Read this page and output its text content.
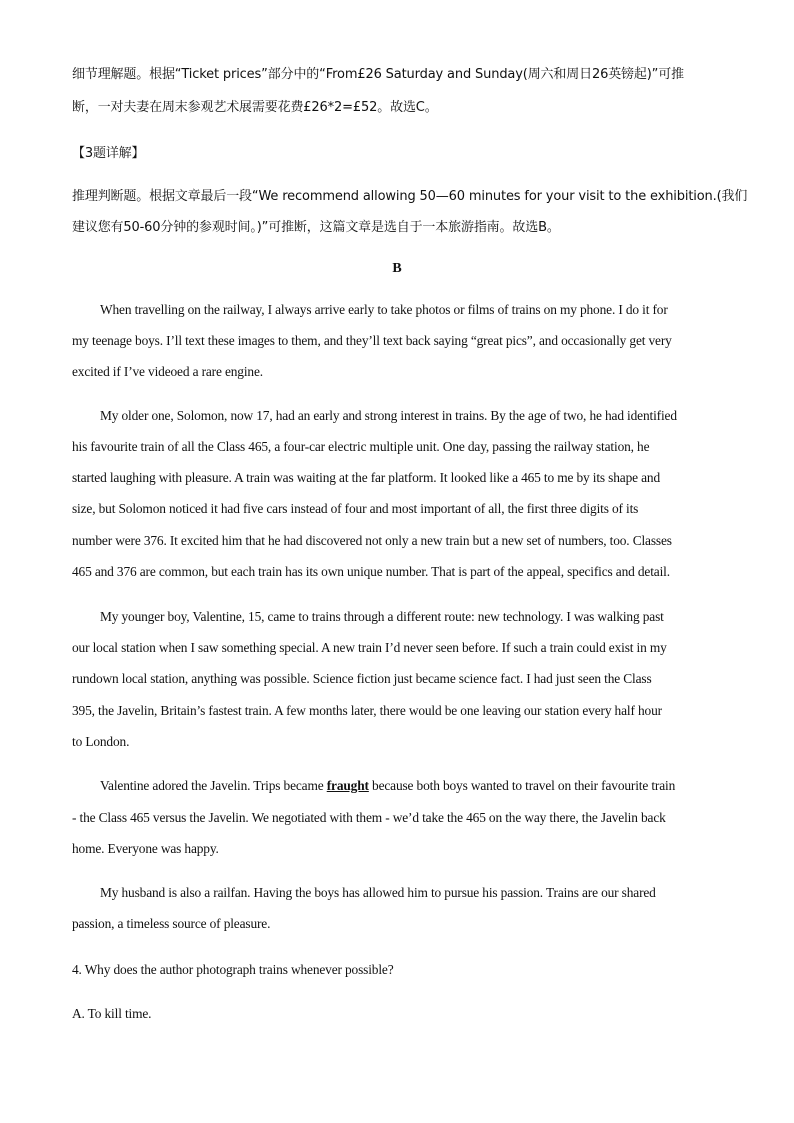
细节理解题。根据“Ticket prices”部分中的“From£26 Saturday and Sunday(周六和周日26英镑起)”可推
断，一对夫妻在周末参观艺术展需要花费£26*2=£52。故选C。
【3题详解】
推理判断题。根据文章最后一段“We recommend allowing 50—60 minutes for your visit to the exhibition.(我们
建议您有50-60分钟的参观时间。)”可推断，这篇文章是选自于一本旅游指南。故选B。
B
When travelling on the railway, I always arrive early to take photos or films of trains on my phone. I do it for
my teenage boys. I’ll text these images to them, and they’ll text back saying “great pics”, and occasionally get very
excited if I’ve videoed a rare engine.
My older one, Solomon, now 17, had an early and strong interest in trains. By the age of two, he had identified
his favourite train of all the Class 465, a four-car electric multiple unit. One day, passing the railway station, he
started laughing with pleasure. A train was waiting at the far platform. It looked like a 465 to me by its shape and
size, but Solomon noticed it had five cars instead of four and most important of all, the first three digits of its
number were 376. It excited him that he had discovered not only a new train but a new set of numbers, too. Classes
465 and 376 are common, but each train has its own unique number. That is part of the appeal, specifics and detail.
My younger boy, Valentine, 15, came to trains through a different route: new technology. I was walking past
our local station when I saw something special. A new train I’d never seen before. If such a train could exist in my
rundown local station, anything was possible. Science fiction just became science fact. I had just seen the Class
395, the Javelin, Britain’s fastest train. A few months later, there would be one leaving our station every half hour
to London.
Valentine adored the Javelin. Trips became fraught because both boys wanted to travel on their favourite train
- the Class 465 versus the Javelin. We negotiated with them - we’d take the 465 on the way there, the Javelin back
home. Everyone was happy.
My husband is also a railfan. Having the boys has allowed him to pursue his passion. Trains are our shared
passion, a timeless source of pleasure.
4. Why does the author photograph trains whenever possible?
A. To kill time.
